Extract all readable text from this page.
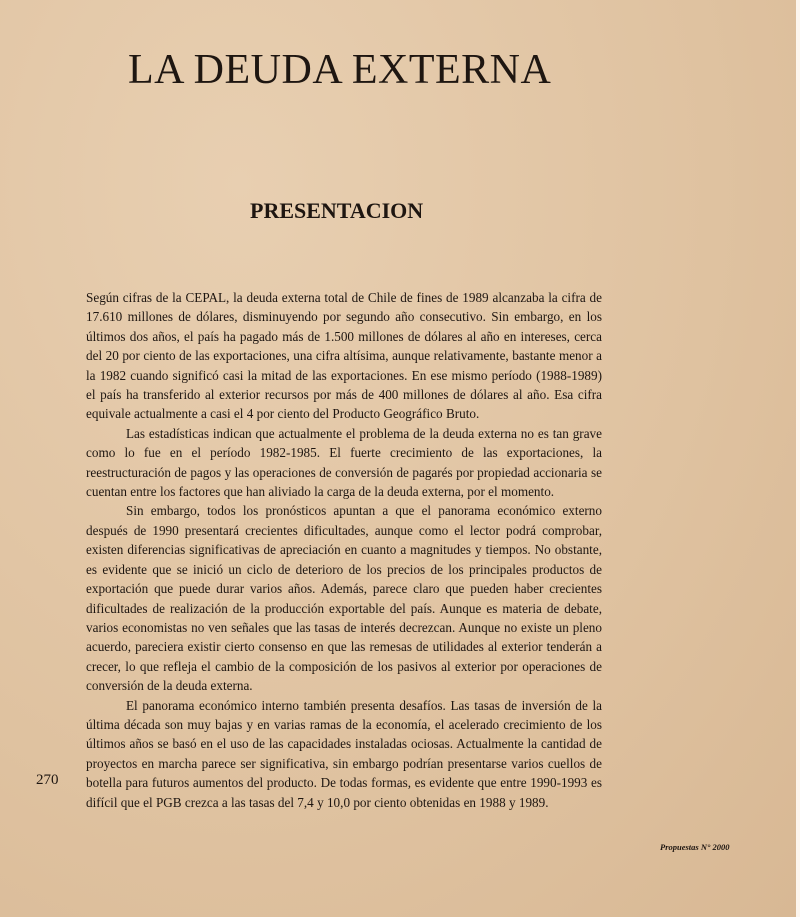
LA DEUDA EXTERNA
PRESENTACION

Según cifras de la CEPAL, la deuda externa total de Chile de fines de 1989 alcanzaba la cifra de 17.610 millones de dólares, disminuyendo por segundo año consecutivo. Sin embargo, en los últimos dos años, el país ha pagado más de 1.500 millones de dólares al año en intereses, cerca del 20 por ciento de las exportaciones, una cifra altísima, aunque relativamente, bastante menor a la 1982 cuando significó casi la mitad de las exportaciones. En ese mismo período (1988-1989) el país ha transferido al exterior recursos por más de 400 millones de dólares al año. Esa cifra equivale actualmente a casi el 4 por ciento del Producto Geográfico Bruto.

Las estadísticas indican que actualmente el problema de la deuda externa no es tan grave como lo fue en el período 1982-1985. El fuerte crecimiento de las exportaciones, la reestructuración de pagos y las operaciones de conversión de pagarés por propiedad accionaria se cuentan entre los factores que han aliviado la carga de la deuda externa, por el momento.

Sin embargo, todos los pronósticos apuntan a que el panorama económico externo después de 1990 presentará crecientes dificultades, aunque como el lector podrá comprobar, existen diferencias significativas de apreciación en cuanto a magnitudes y tiempos. No obstante, es evidente que se inició un ciclo de deterioro de los precios de los principales productos de exportación que puede durar varios años. Además, parece claro que pueden haber crecientes dificultades de realización de la producción exportable del país. Aunque es materia de debate, varios economistas no ven señales que las tasas de interés decrezcan. Aunque no existe un pleno acuerdo, pareciera existir cierto consenso en que las remesas de utilidades al exterior tenderán a crecer, lo que refleja el cambio de la composición de los pasivos al exterior por operaciones de conversión de la deuda externa.

El panorama económico interno también presenta desafíos. Las tasas de inversión de la última década son muy bajas y en varias ramas de la economía, el acelerado crecimiento de los últimos años se basó en el uso de las capacidades instaladas ociosas. Actualmente la cantidad de proyectos en marcha parece ser significativa, sin embargo podrían presentarse varios cuellos de botella para futuros aumentos del producto. De todas formas, es evidente que entre 1990-1993 es difícil que el PGB crezca a las tasas del 7,4 y 10,0 por ciento obtenidas en 1988 y 1989.

270
Propuestas N° 2000
